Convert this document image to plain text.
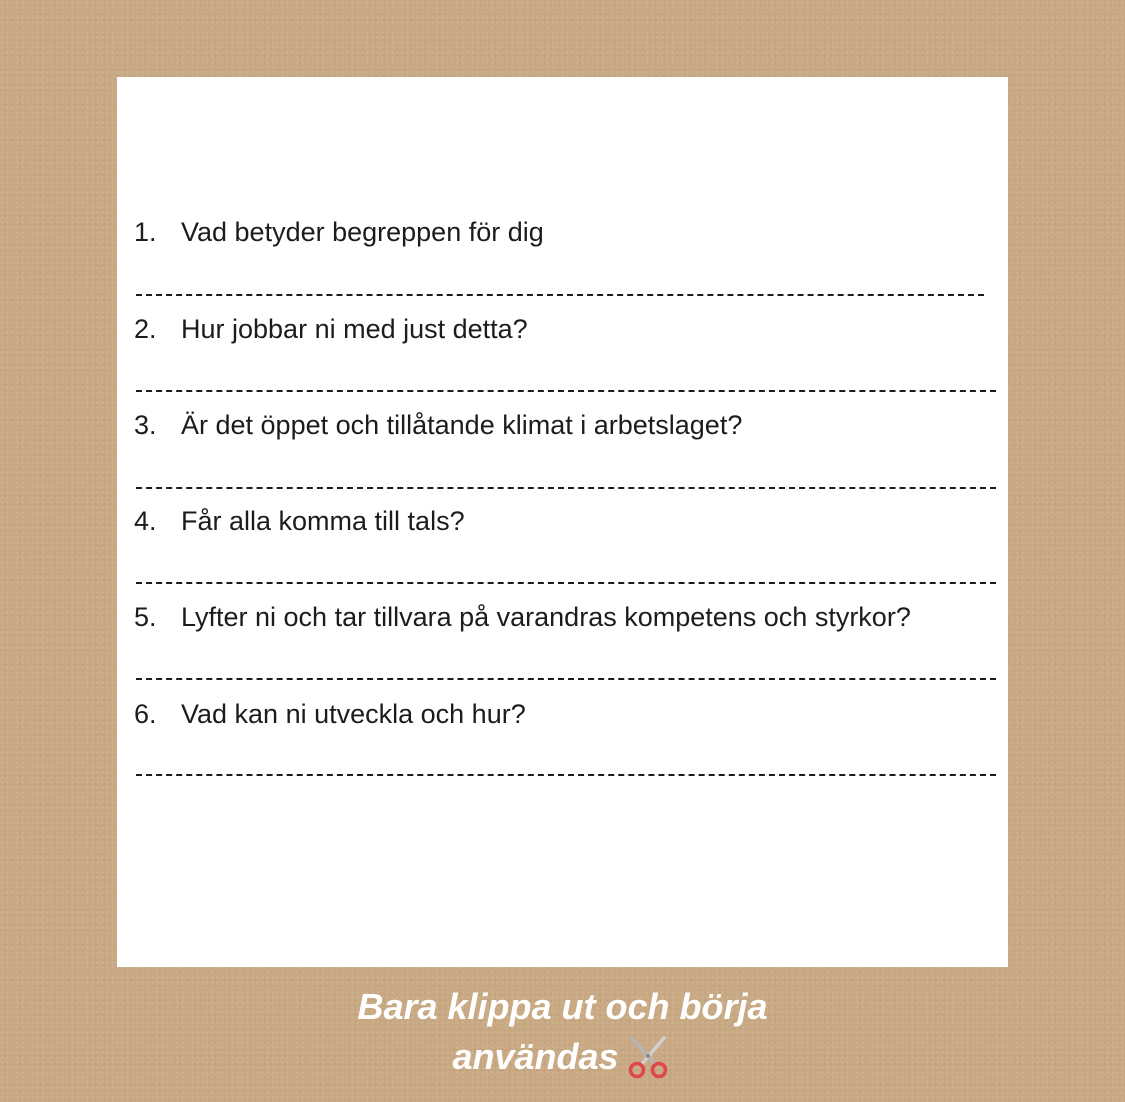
1. Vad betyder begreppen för dig
2. Hur jobbar ni med just detta?
3. Är det öppet och tillåtande klimat i arbetslaget?
4. Får alla komma till tals?
5. Lyfter ni och tar tillvara på varandras kompetens och styrkor?
6. Vad kan ni utveckla och hur?
Bara klippa ut och börja
användas
